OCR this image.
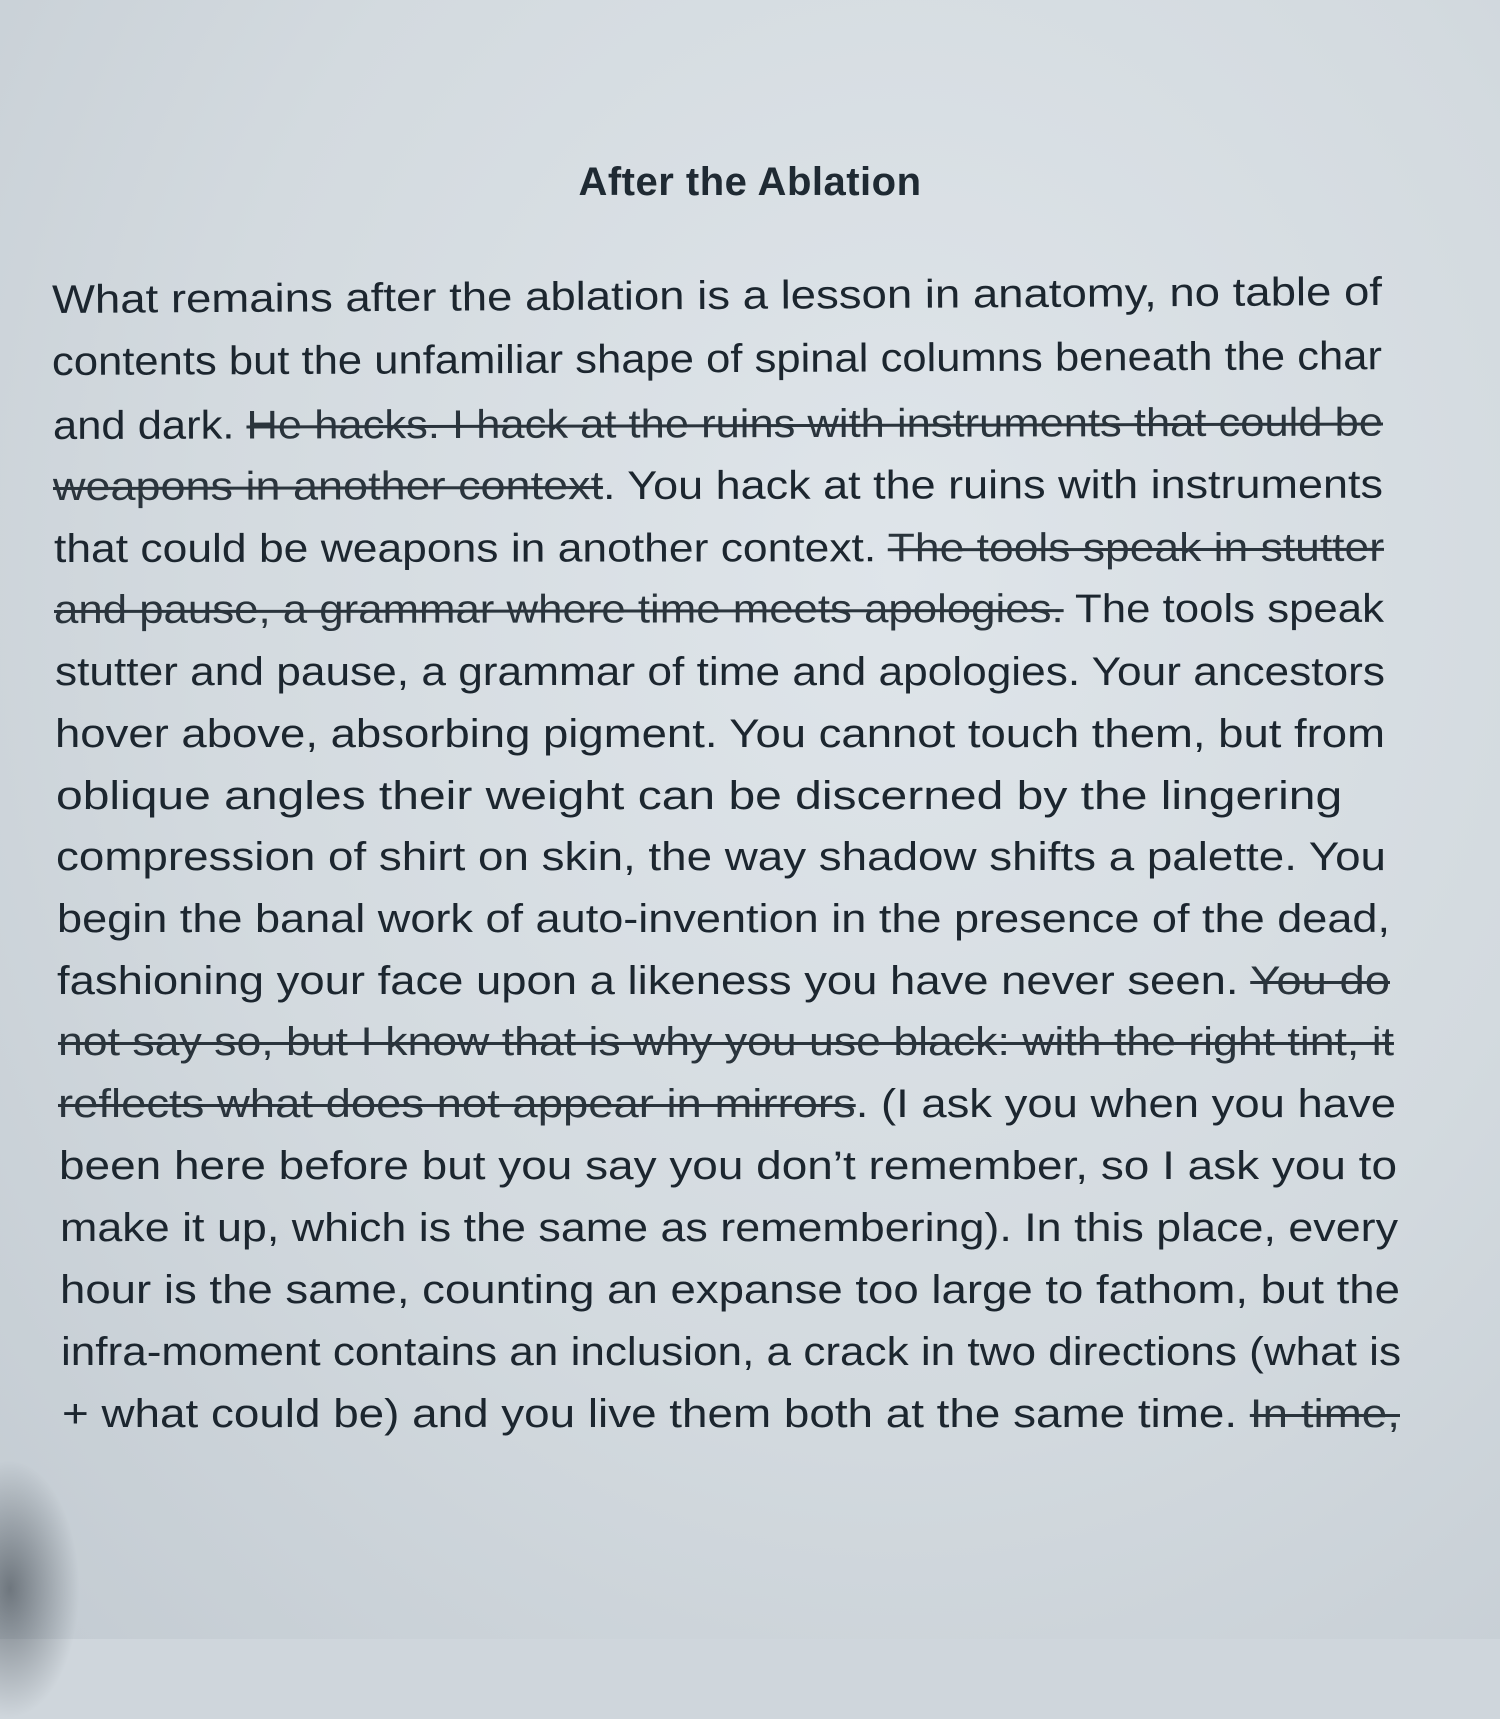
After the Ablation
What remains after the ablation is a lesson in anatomy, no table of
contents but the unfamiliar shape of spinal columns beneath the char
and dark. He hacks. I hack at the ruins with instruments that could be
weapons in another context. You hack at the ruins with instruments
that could be weapons in another context. The tools speak in stutter
and pause, a grammar where time meets apologies. The tools speak
stutter and pause, a grammar of time and apologies. Your ancestors
hover above, absorbing pigment. You cannot touch them, but from
oblique angles their weight can be discerned by the lingering
compression of shirt on skin, the way shadow shifts a palette. You
begin the banal work of auto-invention in the presence of the dead,
fashioning your face upon a likeness you have never seen. You do
not say so, but I know that is why you use black: with the right tint, it
reflects what does not appear in mirrors. (I ask you when you have
been here before but you say you don’t remember, so I ask you to
make it up, which is the same as remembering). In this place, every
hour is the same, counting an expanse too large to fathom, but the
infra-moment contains an inclusion, a crack in two directions (what is
+ what could be) and you live them both at the same time. In time,
